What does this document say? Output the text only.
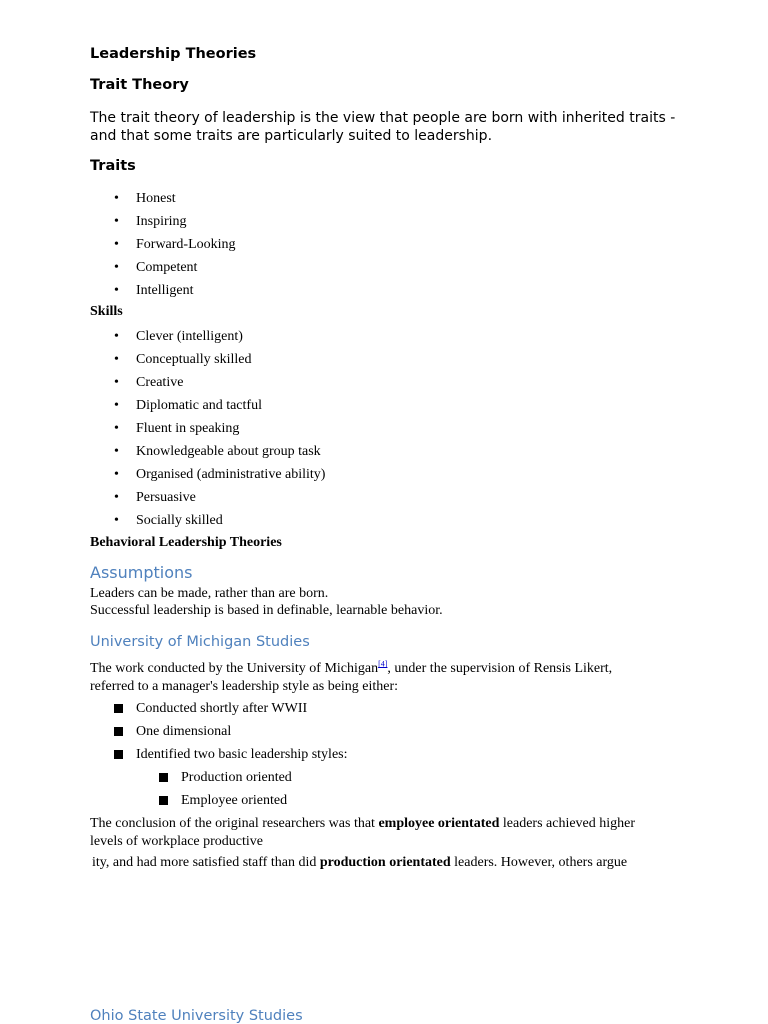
Leadership Theories
Trait Theory
The trait theory of leadership is the view that people are born with inherited traits -
and that some traits are particularly suited to leadership.
Traits
•
Honest
•
Inspiring
•
Forward-Looking
•
Competent
•
Intelligent
Skills
•
Clever (intelligent)
•
Conceptually skilled
•
Creative
•
Diplomatic and tactful
•
Fluent in speaking
•
Knowledgeable about group task
•
Organised (administrative ability)
•
Persuasive
•
Socially skilled
Behavioral Leadership Theories
Assumptions
Leaders can be made, rather than are born.
Successful leadership is based in definable, learnable behavior.
University of Michigan Studies
The work conducted by the University of Michigan[4], under the supervision of Rensis Likert,
referred to a manager's leadership style as being either:
Conducted shortly after WWII
One dimensional
Identified two basic leadership styles:
Production oriented
Employee oriented
The conclusion of the original researchers was that employee orientated leaders achieved higher
levels of workplace productive
ity, and had more satisfied staff than did production orientated leaders. However, others argue
Ohio State University Studies
